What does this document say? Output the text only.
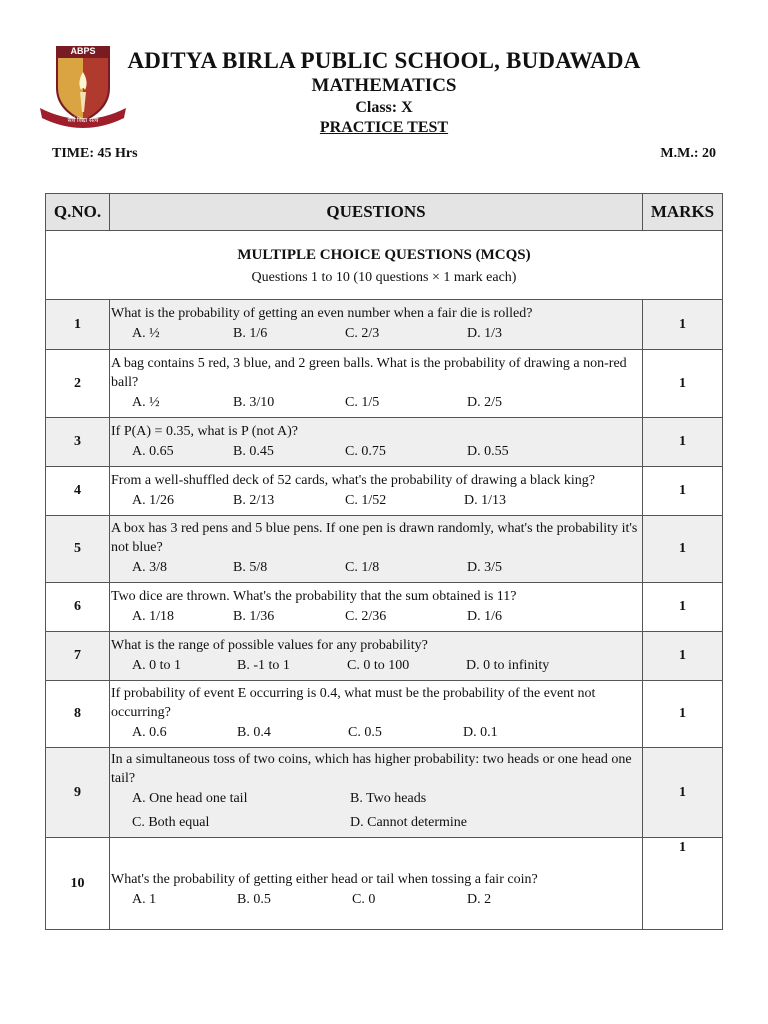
ABPS
सर्वं विद्या सत्यं
ADITYA BIRLA PUBLIC SCHOOL, BUDAWADA
MATHEMATICS
Class: X
PRACTICE TEST
TIME: 45 Hrs	M.M.: 20
Q.NO.	QUESTIONS	MARKS

MULTIPLE CHOICE QUESTIONS (MCQS)
Questions 1 to 10 (10 questions × 1 mark each)		

1	What is the probability of getting an even number when a fair die is rolled?
A. ½ B. 1/6 C. 2/3 D. 1/3	1
2	A bag contains 5 red, 3 blue, and 2 green balls. What is the probability of drawing a non-red ball?
A. ½ B. 3/10 C. 1/5 D. 2/5	1
3	If P(A) = 0.35, what is P (not A)?
A. 0.65 B. 0.45 C. 0.75 D. 0.55	1
4	From a well-shuffled deck of 52 cards, what's the probability of drawing a black king?
A. 1/26 B. 2/13 C. 1/52 D. 1/13	1
5	A box has 3 red pens and 5 blue pens. If one pen is drawn randomly, what's the probability it's not blue?
A. 3/8 B. 5/8 C. 1/8 D. 3/5	1
6	Two dice are thrown. What's the probability that the sum obtained is 11?
A. 1/18 B. 1/36 C. 2/36 D. 1/6	1
7	What is the range of possible values for any probability?
A. 0 to 1 B. -1 to 1 C. 0 to 100 D. 0 to infinity	1
8	If probability of event E occurring is 0.4, what must be the probability of the event not occurring?
A. 0.6 B. 0.4 C. 0.5 D. 0.1	1
9	In a simultaneous toss of two coins, which has higher probability: two heads or one head one tail?
A. One head one tail B. Two heads
C. Both equal D. Cannot determine	1
10	What's the probability of getting either head or tail when tossing a fair coin?
A. 1 B. 0.5 C. 0 D. 2	1
